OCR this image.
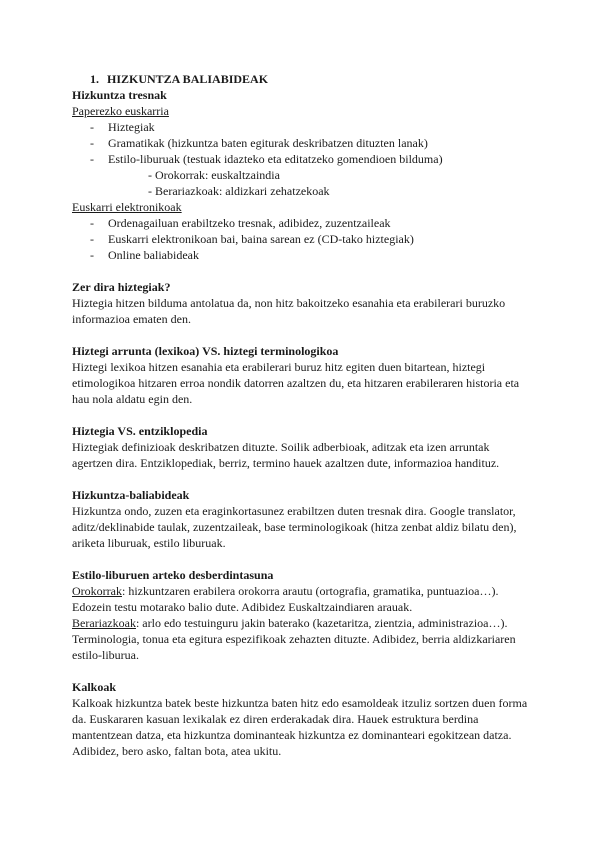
1. HIZKUNTZA BALIABIDEAK
Hizkuntza tresnak
Paperezko euskarria
- Hiztegiak
- Gramatikak (hizkuntza baten egiturak deskribatzen dituzten lanak)
- Estilo-liburuak (testuak idazteko eta editatzeko gomendioen bilduma)
- Orokorrak: euskaltzaindia
- Berariazkoak: aldizkari zehatzekoak
Euskarri elektronikoak
- Ordenagailuan erabiltzeko tresnak, adibidez, zuzentzaileak
- Euskarri elektronikoan bai, baina sarean ez (CD-tako hiztegiak)
- Online baliabideak
Zer dira hiztegiak?

Hiztegia hitzen bilduma antolatua da, non hitz bakoitzeko esanahia eta erabilerari buruzko informazioa ematen den.

Hiztegi arrunta (lexikoa) VS. hiztegi terminologikoa

Hiztegi lexikoa hitzen esanahia eta erabilerari buruz hitz egiten duen bitartean, hiztegi etimologikoa hitzaren erroa nondik datorren azaltzen du, eta hitzaren erabileraren historia eta hau nola aldatu egin den.

Hiztegia VS. entziklopedia

Hiztegiak definizioak deskribatzen dituzte. Soilik adberbioak, aditzak eta izen arruntak agertzen dira. Entziklopediak, berriz, termino hauek azaltzen dute, informazioa handituz.

Hizkuntza-baliabideak

Hizkuntza ondo, zuzen eta eraginkortasunez erabiltzen duten tresnak dira. Google translator, aditz/deklinabide taulak, zuzentzaileak, base terminologikoak (hitza zenbat aldiz bilatu den), ariketa liburuak, estilo liburuak.

Estilo-liburuen arteko desberdintasuna

Orokorrak: hizkuntzaren erabilera orokorra arautu (ortografia, gramatika, puntuazioa…). Edozein testu motarako balio dute. Adibidez Euskaltzaindiaren arauak.

Berariazkoak: arlo edo testuinguru jakin baterako (kazetaritza, zientzia, administrazioa…). Terminologia, tonua eta egitura espezifikoak zehazten dituzte. Adibidez, berria aldizkariaren estilo-liburua.

Kalkoak

Kalkoak hizkuntza batek beste hizkuntza baten hitz edo esamoldeak itzuliz sortzen duen forma da. Euskararen kasuan lexikalak ez diren erderakadak dira. Hauek estruktura berdina mantentzean datza, eta hizkuntza dominanteak hizkuntza ez dominanteari egokitzean datza. Adibidez, bero asko, faltan bota, atea ukitu.
